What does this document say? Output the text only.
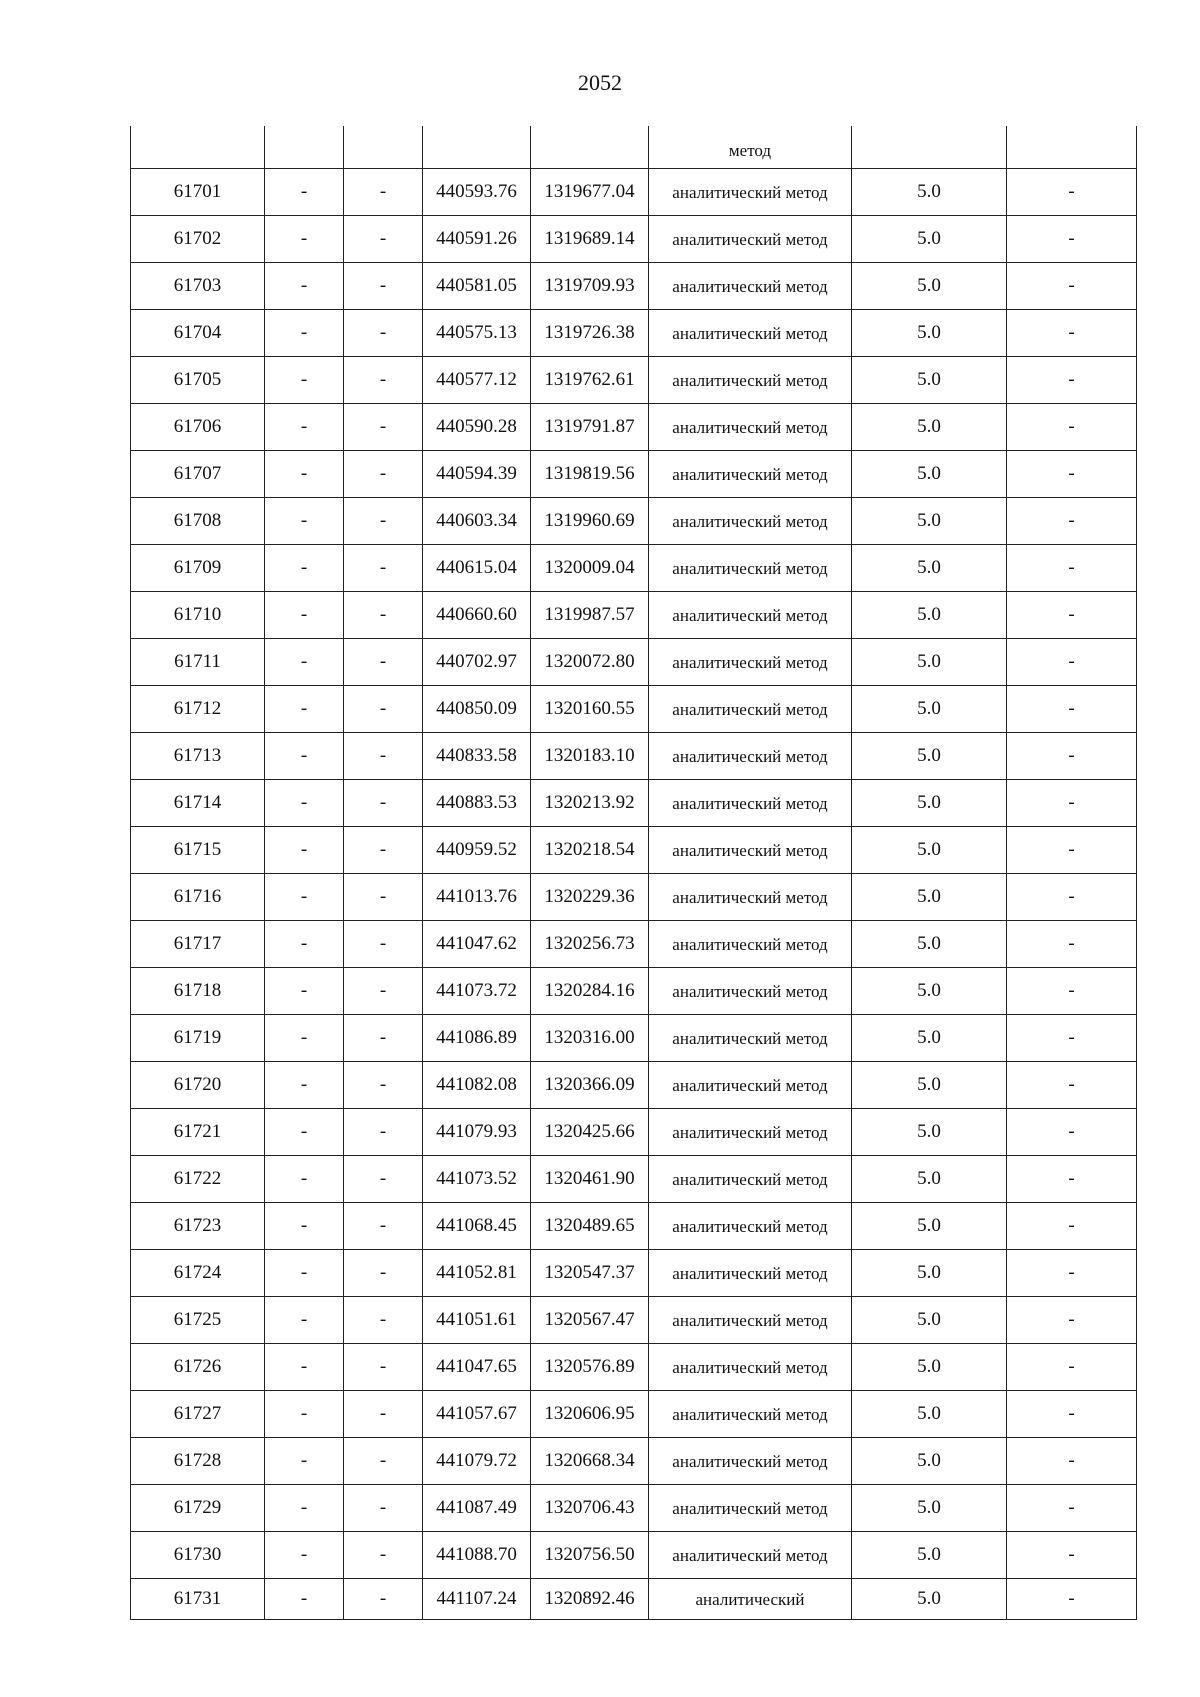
2052
					метод		
61701	-	-	440593.76	1319677.04	аналитический метод	5.0	-
61702	-	-	440591.26	1319689.14	аналитический метод	5.0	-
61703	-	-	440581.05	1319709.93	аналитический метод	5.0	-
61704	-	-	440575.13	1319726.38	аналитический метод	5.0	-
61705	-	-	440577.12	1319762.61	аналитический метод	5.0	-
61706	-	-	440590.28	1319791.87	аналитический метод	5.0	-
61707	-	-	440594.39	1319819.56	аналитический метод	5.0	-
61708	-	-	440603.34	1319960.69	аналитический метод	5.0	-
61709	-	-	440615.04	1320009.04	аналитический метод	5.0	-
61710	-	-	440660.60	1319987.57	аналитический метод	5.0	-
61711	-	-	440702.97	1320072.80	аналитический метод	5.0	-
61712	-	-	440850.09	1320160.55	аналитический метод	5.0	-
61713	-	-	440833.58	1320183.10	аналитический метод	5.0	-
61714	-	-	440883.53	1320213.92	аналитический метод	5.0	-
61715	-	-	440959.52	1320218.54	аналитический метод	5.0	-
61716	-	-	441013.76	1320229.36	аналитический метод	5.0	-
61717	-	-	441047.62	1320256.73	аналитический метод	5.0	-
61718	-	-	441073.72	1320284.16	аналитический метод	5.0	-
61719	-	-	441086.89	1320316.00	аналитический метод	5.0	-
61720	-	-	441082.08	1320366.09	аналитический метод	5.0	-
61721	-	-	441079.93	1320425.66	аналитический метод	5.0	-
61722	-	-	441073.52	1320461.90	аналитический метод	5.0	-
61723	-	-	441068.45	1320489.65	аналитический метод	5.0	-
61724	-	-	441052.81	1320547.37	аналитический метод	5.0	-
61725	-	-	441051.61	1320567.47	аналитический метод	5.0	-
61726	-	-	441047.65	1320576.89	аналитический метод	5.0	-
61727	-	-	441057.67	1320606.95	аналитический метод	5.0	-
61728	-	-	441079.72	1320668.34	аналитический метод	5.0	-
61729	-	-	441087.49	1320706.43	аналитический метод	5.0	-
61730	-	-	441088.70	1320756.50	аналитический метод	5.0	-
61731	-	-	441107.24	1320892.46	аналитический	5.0	-
